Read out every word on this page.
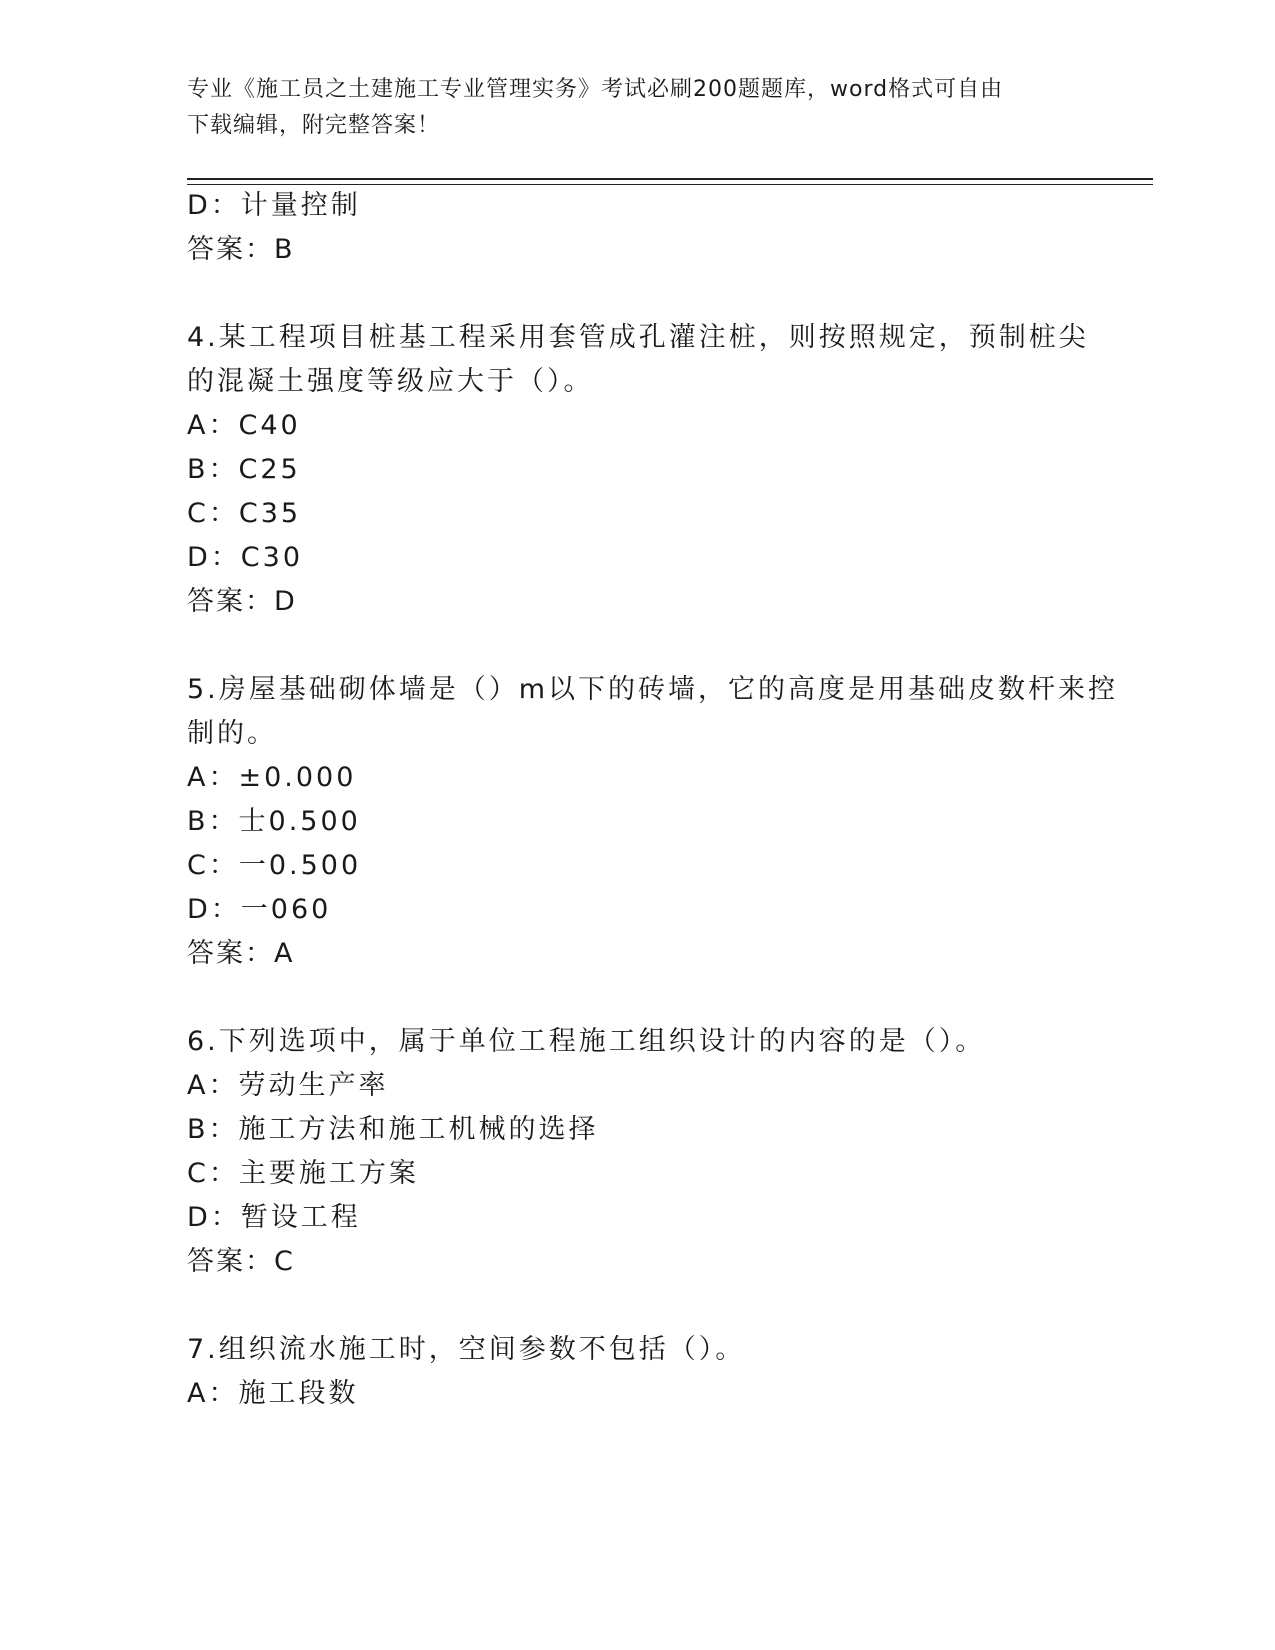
专业《施工员之土建施工专业管理实务》考试必刷200题题库，word格式可自由
下载编辑，附完整答案！
D：计量控制
答案：B
4.某工程项目桩基工程采用套管成孔灌注桩，则按照规定，预制桩尖
的混凝土强度等级应大于（）。
A：C40
B：C25
C：C35
D：C30
答案：D
5.房屋基础砌体墙是（）m以下的砖墙，它的高度是用基础皮数杆来控
制的。
A：±0.000
B：士0.500
C：一0.500
D：一060
答案：A
6.下列选项中，属于单位工程施工组织设计的内容的是（）。
A：劳动生产率
B：施工方法和施工机械的选择
C：主要施工方案
D：暂设工程
答案：C
7.组织流水施工时，空间参数不包括（）。
A：施工段数
